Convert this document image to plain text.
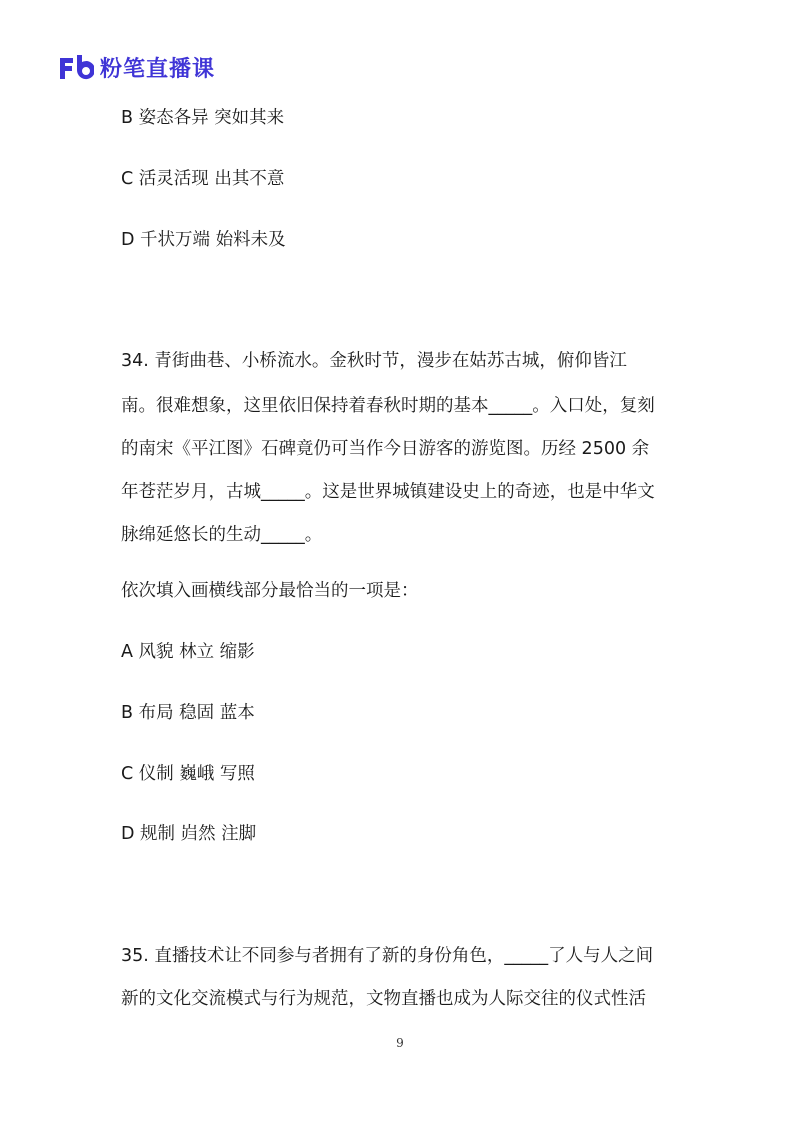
粉笔直播课
B 姿态各异 突如其来
C 活灵活现 出其不意
D 千状万端 始料未及
34. 青街曲巷、小桥流水。金秋时节，漫步在姑苏古城，俯仰皆江
南。很难想象，这里依旧保持着春秋时期的基本_____。入口处，复刻
的南宋《平江图》石碑竟仍可当作今日游客的游览图。历经 2500 余
年苍茫岁月，古城_____。这是世界城镇建设史上的奇迹，也是中华文
脉绵延悠长的生动_____。
依次填入画横线部分最恰当的一项是：
A 风貌 林立 缩影
B 布局 稳固 蓝本
C 仪制 巍峨 写照
D 规制 岿然 注脚
35. 直播技术让不同参与者拥有了新的身份角色，_____了人与人之间
新的文化交流模式与行为规范，文物直播也成为人际交往的仪式性活
9
